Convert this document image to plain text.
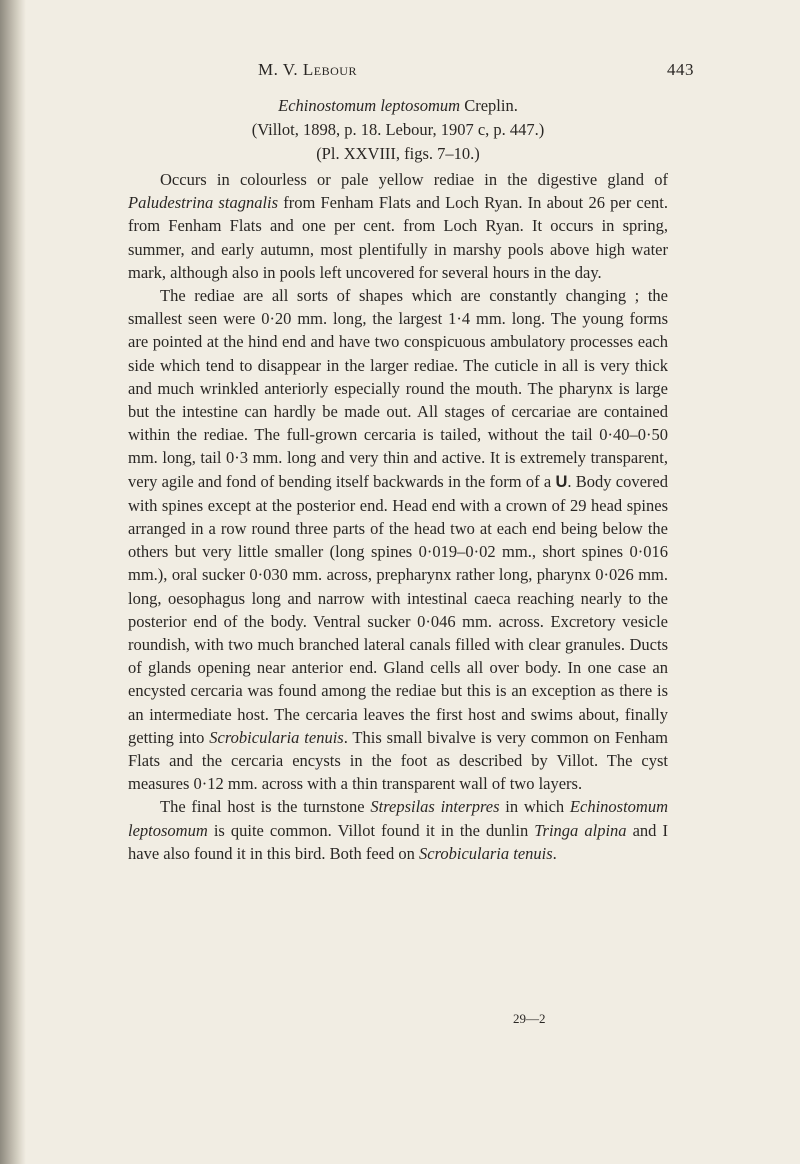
M. V. Lebour	443

Echinostomum leptosomum Creplin.

(Villot, 1898, p. 18. Lebour, 1907 c, p. 447.)

(Pl. XXVIII, figs. 7–10.)

Occurs in colourless or pale yellow rediae in the digestive gland of Paludestrina stagnalis from Fenham Flats and Loch Ryan. In about 26 per cent. from Fenham Flats and one per cent. from Loch Ryan. It occurs in spring, summer, and early autumn, most plentifully in marshy pools above high water mark, although also in pools left uncovered for several hours in the day.

The rediae are all sorts of shapes which are constantly changing ; the smallest seen were 0·20 mm. long, the largest 1·4 mm. long. The young forms are pointed at the hind end and have two conspicuous ambulatory processes each side which tend to disappear in the larger rediae. The cuticle in all is very thick and much wrinkled anteriorly especially round the mouth. The pharynx is large but the intestine can hardly be made out. All stages of cercariae are contained within the rediae. The full-grown cercaria is tailed, without the tail 0·40–0·50 mm. long, tail 0·3 mm. long and very thin and active. It is extremely transparent, very agile and fond of bending itself backwards in the form of a U. Body covered with spines except at the posterior end. Head end with a crown of 29 head spines arranged in a row round three parts of the head two at each end being below the others but very little smaller (long spines 0·019–0·02 mm., short spines 0·016 mm.), oral sucker 0·030 mm. across, prepharynx rather long, pharynx 0·026 mm. long, oesophagus long and narrow with intestinal caeca reaching nearly to the posterior end of the body. Ventral sucker 0·046 mm. across. Excretory vesicle roundish, with two much branched lateral canals filled with clear granules. Ducts of glands opening near anterior end. Gland cells all over body. In one case an encysted cercaria was found among the rediae but this is an exception as there is an intermediate host. The cercaria leaves the first host and swims about, finally getting into Scrobicularia tenuis. This small bivalve is very common on Fenham Flats and the cercaria encysts in the foot as described by Villot. The cyst measures 0·12 mm. across with a thin transparent wall of two layers.

The final host is the turnstone Strepsilas interpres in which Echinostomum leptosomum is quite common. Villot found it in the dunlin Tringa alpina and I have also found it in this bird. Both feed on Scrobicularia tenuis.

29—2
